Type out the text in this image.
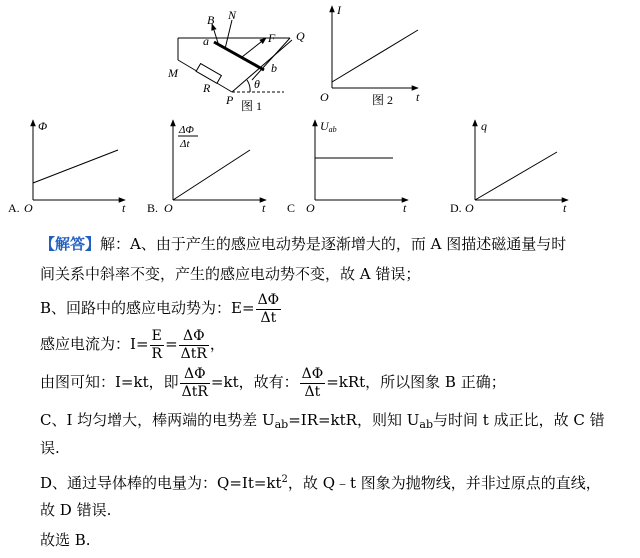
B N
a	F Q
b
M
R
P
θ
图 1
I
t
O	图 2
A.
Φ
O	t B.
ΔΦ
Δt
O	t C
Uab
O	t	D.
q
O	t
【解答】解：A、由于产生的感应电动势是逐渐增大的，而 A 图描述磁通量与时
间关系中斜率不变，产生的感应电动势不变，故 A 错误；
B、回路中的感应电动势为：$E= \frac{\Delta\Phi}{\Delta t}$
感应电流为：$I= \frac{E}{R} = \frac{\Delta\Phi}{\text{ΔtR}}$ ，
由图可知：I=kt，即 $\frac{\Delta\Phi}{\text{ΔtR}} =kt$，故有： $\frac{\Delta\Phi}{\Delta t} =kRt$，所以图象 B 正确；
C、I 均匀增大，棒两端的电势差 $U_{ab}=IR=ktR$，则知 $U_{ab}$与时间 t 成正比，故 C 错
误.
D、通过导体棒的电量为：$Q=It=kt^2$，故 Q﹣t 图象为抛物线，并非过原点的直线，
故 D 错误.
故选 B.
